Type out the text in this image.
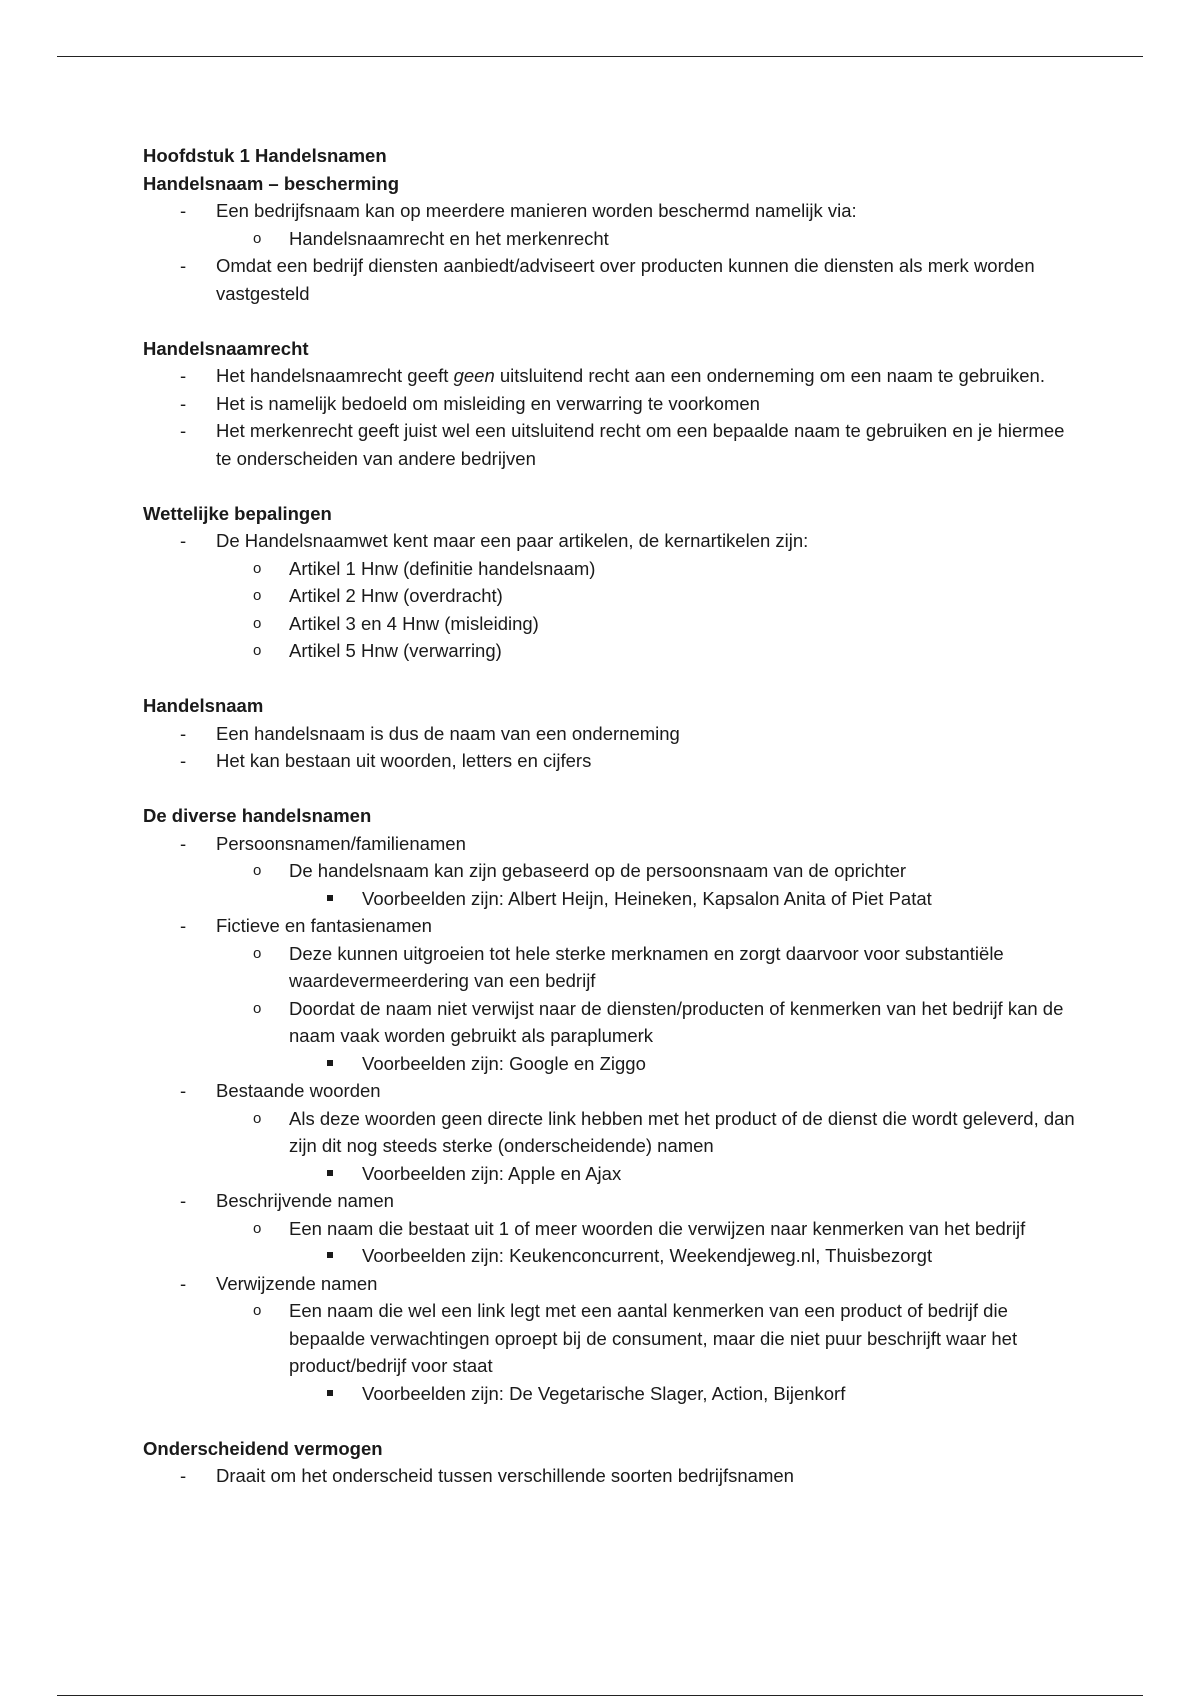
Hoofdstuk 1 Handelsnamen

Handelsnaam – bescherming

- Een bedrijfsnaam kan op meerdere manieren worden beschermd namelijk via:
o Handelsnaamrecht en het merkenrecht
- Omdat een bedrijf diensten aanbiedt/adviseert over producten kunnen die diensten als merk worden vastgesteld

Handelsnaamrecht

- Het handelsnaamrecht geeft geen uitsluitend recht aan een onderneming om een naam te gebruiken.
- Het is namelijk bedoeld om misleiding en verwarring te voorkomen
- Het merkenrecht geeft juist wel een uitsluitend recht om een bepaalde naam te gebruiken en je hiermee te onderscheiden van andere bedrijven

Wettelijke bepalingen

- De Handelsnaamwet kent maar een paar artikelen, de kernartikelen zijn:
o Artikel 1 Hnw (definitie handelsnaam)
o Artikel 2 Hnw (overdracht)
o Artikel 3 en 4 Hnw (misleiding)
o Artikel 5 Hnw (verwarring)

Handelsnaam

- Een handelsnaam is dus de naam van een onderneming
- Het kan bestaan uit woorden, letters en cijfers

De diverse handelsnamen

- Persoonsnamen/familienamen
o De handelsnaam kan zijn gebaseerd op de persoonsnaam van de oprichter
Voorbeelden zijn: Albert Heijn, Heineken, Kapsalon Anita of Piet Patat
- Fictieve en fantasienamen
o Deze kunnen uitgroeien tot hele sterke merknamen en zorgt daarvoor voor substantiële waardevermeerdering van een bedrijf
o Doordat de naam niet verwijst naar de diensten/producten of kenmerken van het bedrijf kan de naam vaak worden gebruikt als paraplumerk
Voorbeelden zijn: Google en Ziggo
- Bestaande woorden
o Als deze woorden geen directe link hebben met het product of de dienst die wordt geleverd, dan zijn dit nog steeds sterke (onderscheidende) namen
Voorbeelden zijn: Apple en Ajax
- Beschrijvende namen
o Een naam die bestaat uit 1 of meer woorden die verwijzen naar kenmerken van het bedrijf
Voorbeelden zijn: Keukenconcurrent, Weekendjeweg.nl, Thuisbezorgt
- Verwijzende namen
o Een naam die wel een link legt met een aantal kenmerken van een product of bedrijf die bepaalde verwachtingen oproept bij de consument, maar die niet puur beschrijft waar het product/bedrijf voor staat
Voorbeelden zijn: De Vegetarische Slager, Action, Bijenkorf

Onderscheidend vermogen

- Draait om het onderscheid tussen verschillende soorten bedrijfsnamen
